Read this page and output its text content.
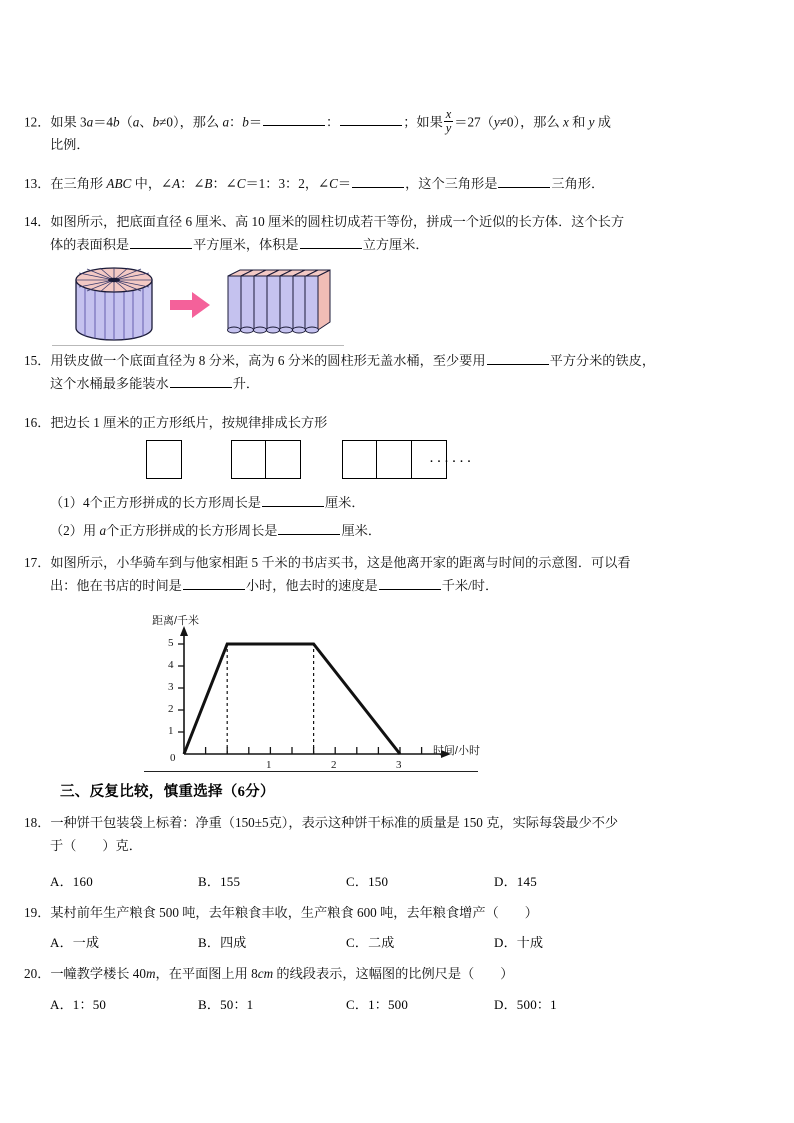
12．如果 3a＝4b（a、b≠0），那么 a：b＝	：	；如果 $\frac{x}{y} =27(y\ne 0)$，那么 x 和 y 成
比例．
13．在三角形 ABC 中，∠A：∠B：∠C＝1：3：2，∠C＝	，这个三角形是	三角形．
14．如图所示，把底面直径 6 厘米、高 10 厘米的圆柱切成若干等份，拼成一个近似的长方体．这个长方
体的表面积是	平方厘米，体积是	立方厘米．
15．用铁皮做一个底面直径为 8 分米，高为 6 分米的圆柱形无盖水桶，至少要用	平方分米的铁皮，
这个水桶最多能装水	升．
16．把边长 1 厘米的正方形纸片，按规律排成长方形
······
（1）4个正方形拼成的长方形周长是	厘米．
（2）用 a个正方形拼成的长方形周长是	厘米．
17．如图所示，小华骑车到与他家相距 5 千米的书店买书，这是他离开家的距离与时间的示意图．可以看
出：他在书店的时间是	小时，他去时的速度是	千米/时．
距离/千米
时间/小时
1
2
3
4
5
0
1	2	3
三、反复比较，慎重选择（6分）
18．一种饼干包装袋上标着：净重（150±5克），表示这种饼干标准的质量是 150 克，实际每袋最少不少
于（ ）克．
A．160	B．155	C．150	D．145
19．某村前年生产粮食 500 吨，去年粮食丰收，生产粮食 600 吨，去年粮食增产（ ）
A．一成	B．四成	C．二成	D．十成
20．一幢教学楼长 40m，在平面图上用 8cm 的线段表示，这幅图的比例尺是（ ）
A．1：50	B．50：1	C．1：500	D．500：1
